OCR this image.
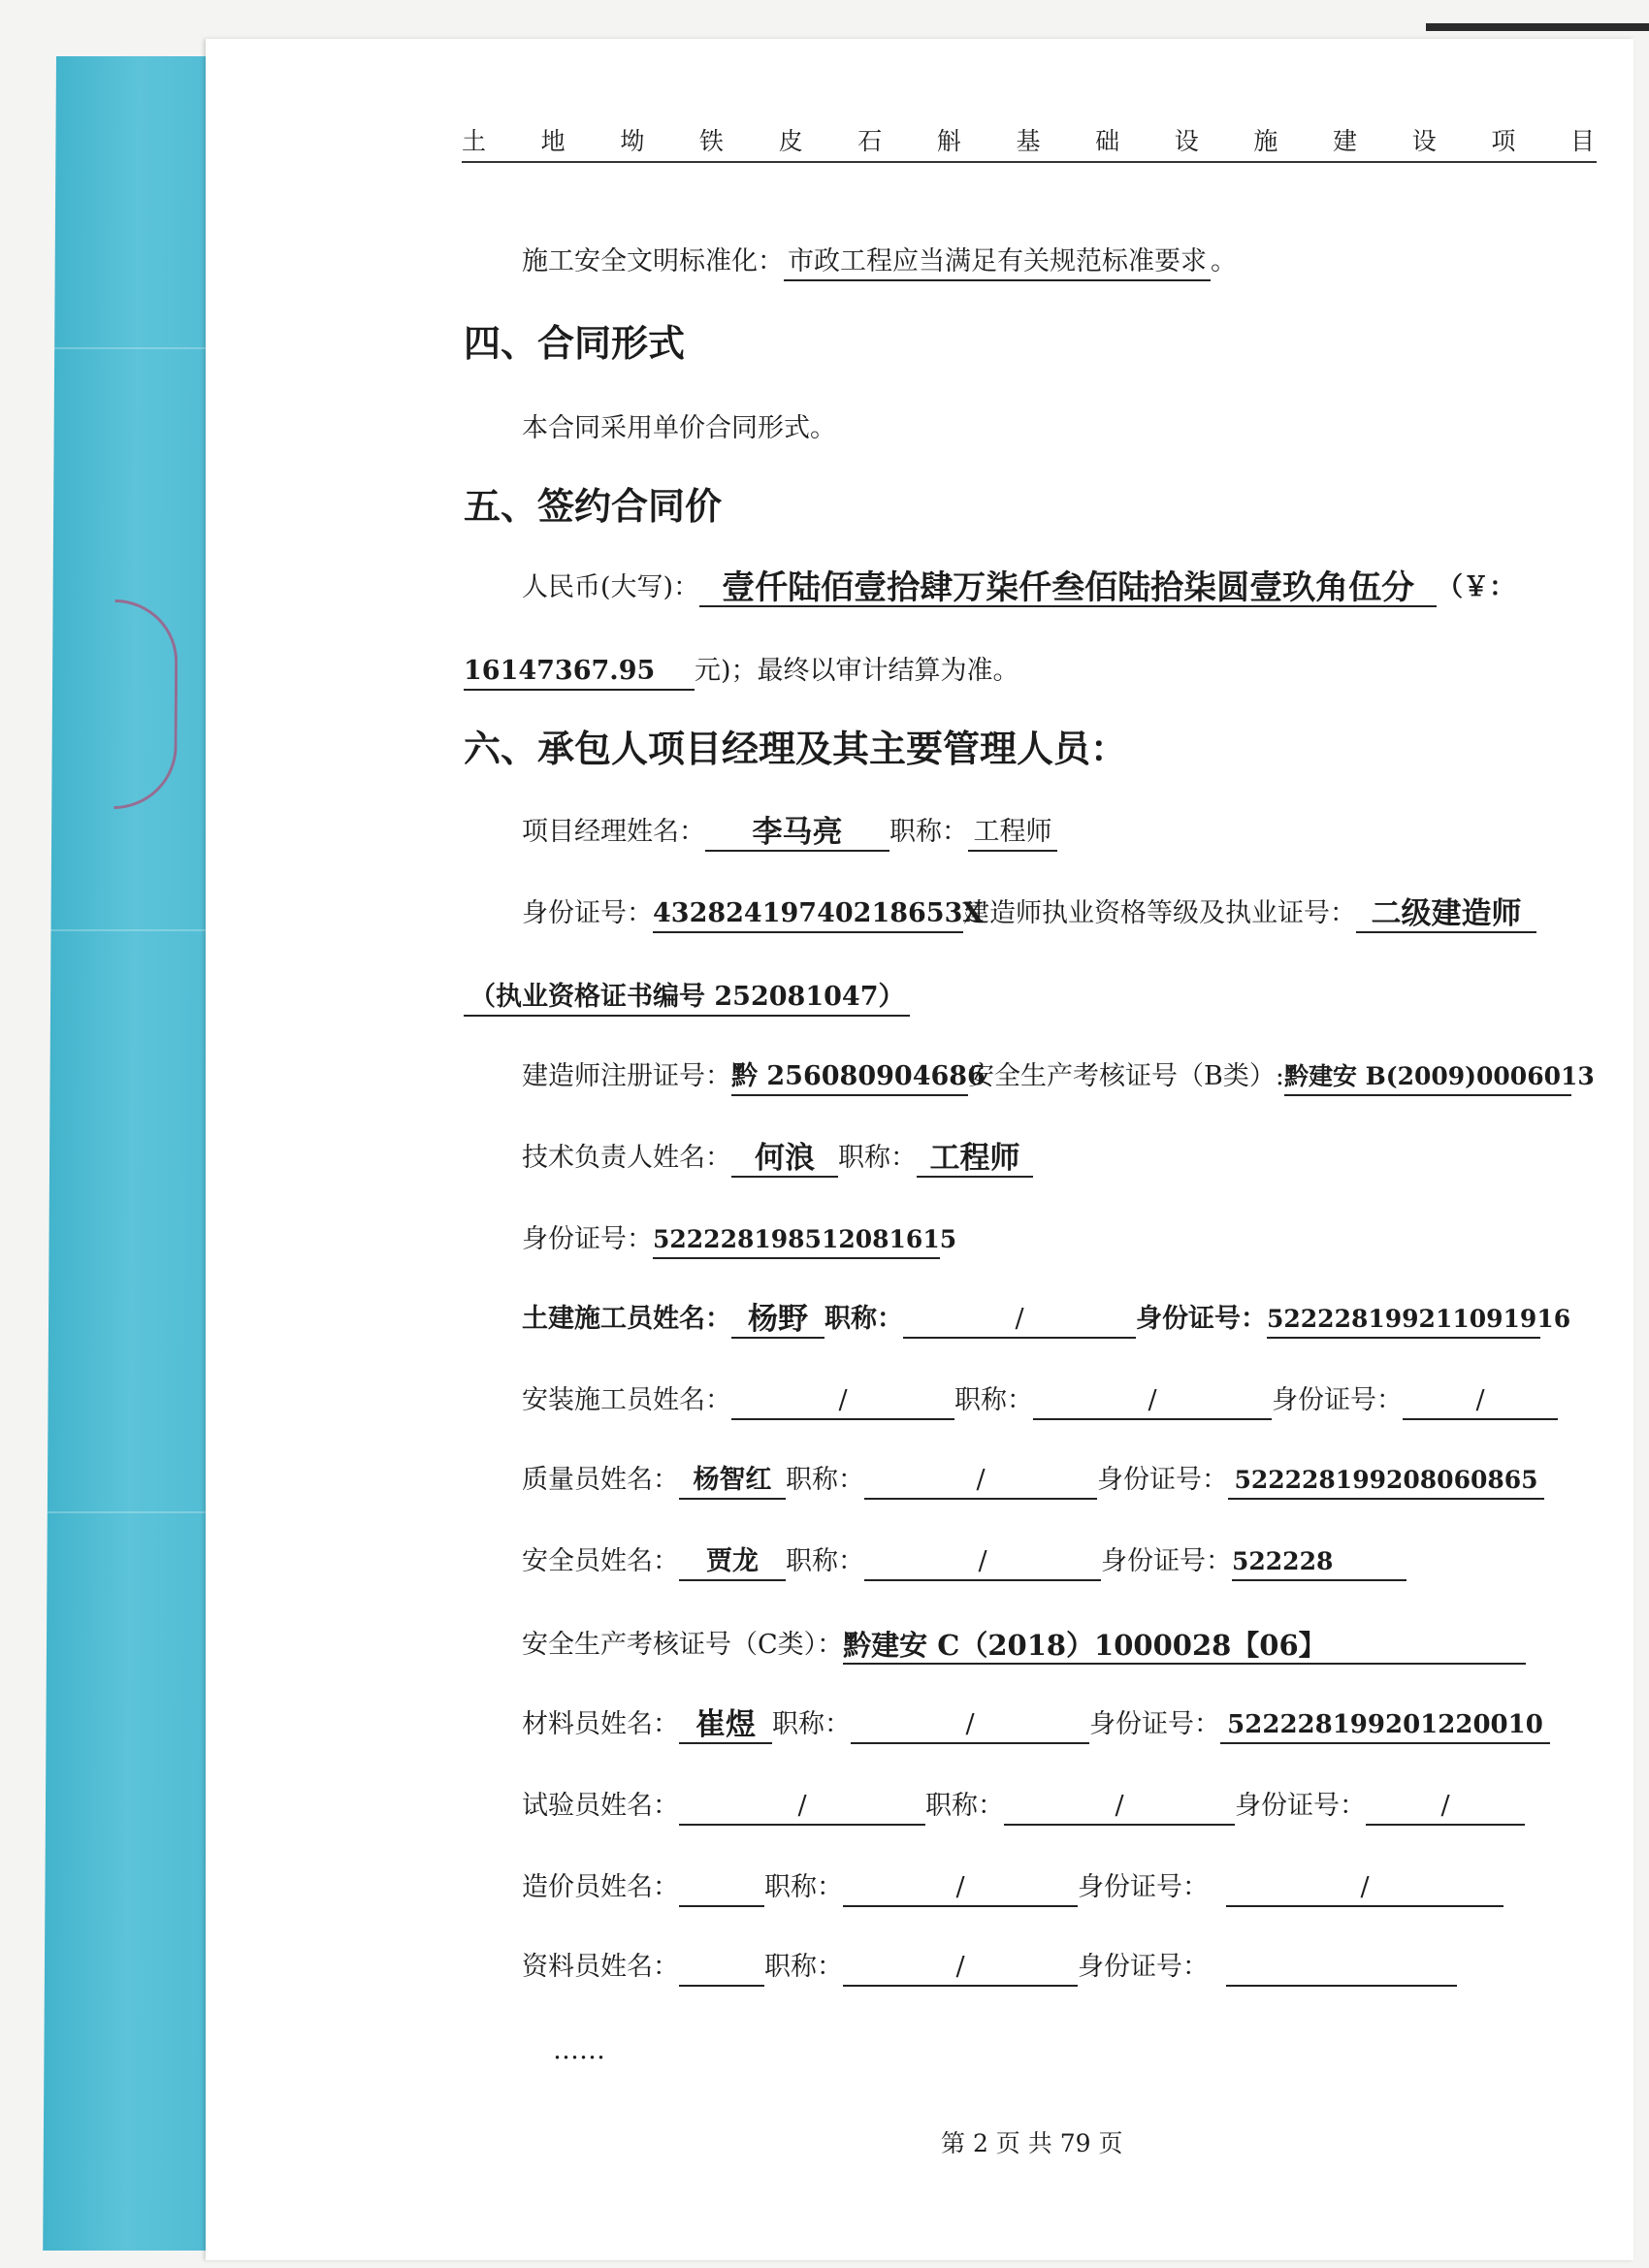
土 地 坳 铁 皮 石 斛 基 础 设 施 建 设 项 目
施工安全文明标准化： 市政工程应当满足有关规范标准要求 。
四、合同形式
本合同采用单价合同形式。
五、签约合同价
人民币(大写)： 壹仟陆佰壹拾肆万柒仟叁佰陆拾柒圆壹玖角伍分 （￥：
16147367.95 元)；最终以审计结算为准。
六、承包人项目经理及其主要管理人员：
项目经理姓名： 李马亮 职称： 工程师
身份证号：43282419740218653X建造师执业资格等级及执业证号： 二级建造师
（执业资格证书编号 252081047）
建造师注册证号：黔 256080904686安全生产考核证号（B类）:黔建安 B(2009)0006013
技术负责人姓名： 何浪 职称： 工程师
身份证号：522228198512081615
土建施工员姓名： 杨野 职称：	/	身份证号：522228199211091916
安装施工员姓名：	/	职称：	/	身份证号：	/
质量员姓名： 杨智红 职称：	/	身份证号： 522228199208060865
安全员姓名： 贾龙 职称：	/	身份证号：522228
安全生产考核证号（C类）：黔建安 C（2018）1000028【06】
材料员姓名： 崔煜 职称：	/	身份证号： 522228199201220010
试验员姓名：	/	职称：	/	身份证号：	/
造价员姓名：	职称：	/	身份证号：	/
资料员姓名：	职称：	/	身份证号：
……
第 2 页 共 79 页
